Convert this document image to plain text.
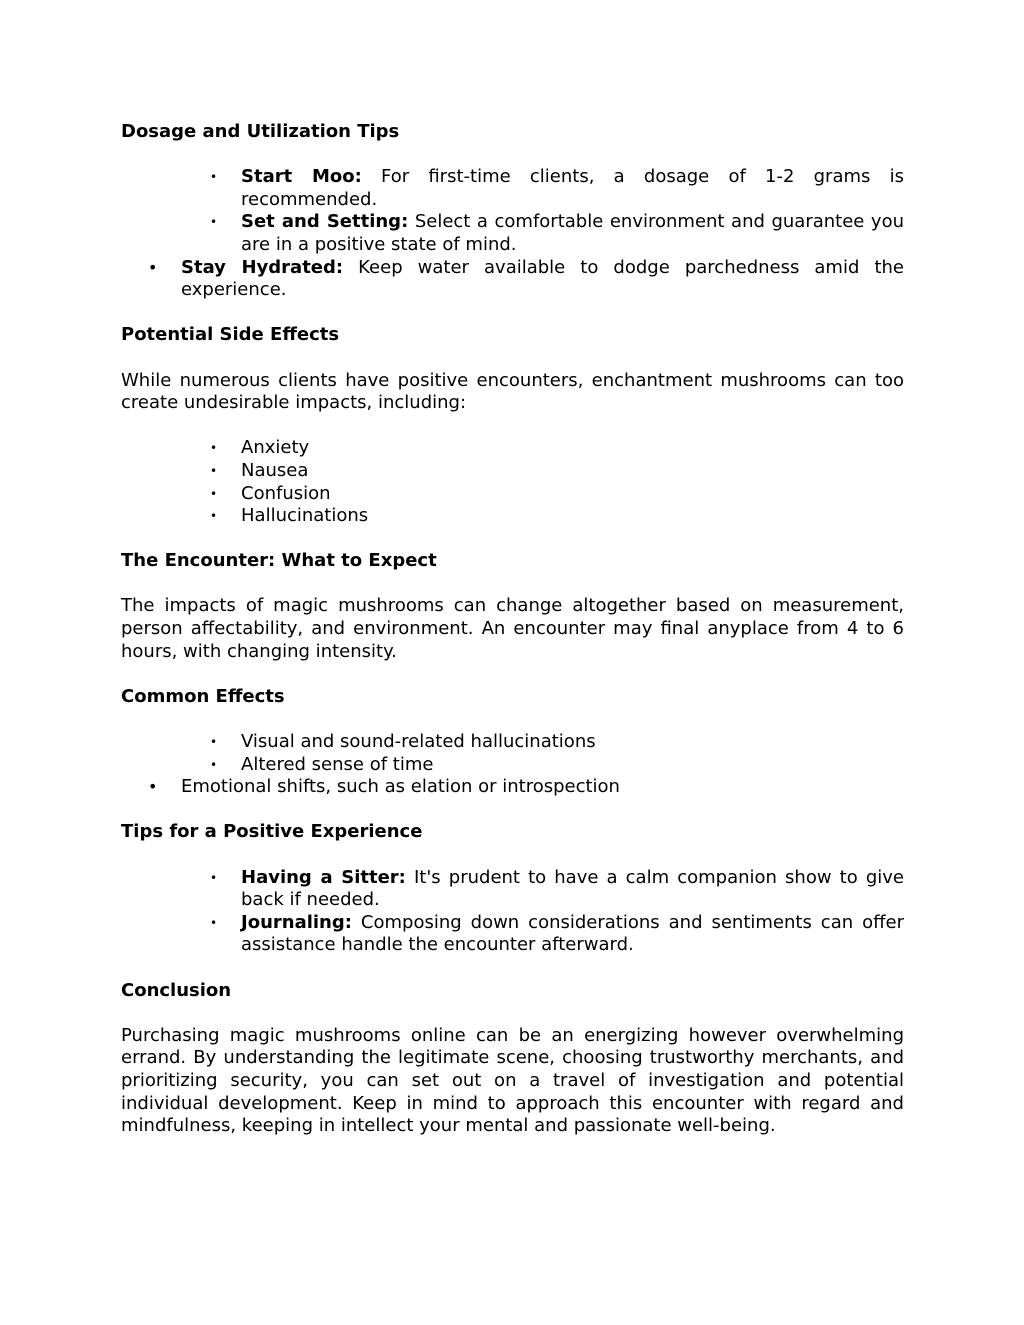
Dosage and Utilization Tips
• Start Moo: For first-time clients, a dosage of 1-2 grams is recommended.
• Set and Setting: Select a comfortable environment and guarantee you are in a positive state of mind.
• Stay Hydrated: Keep water available to dodge parchedness amid the experience.
Potential Side Effects

While numerous clients have positive encounters, enchantment mushrooms can too create undesirable impacts, including:

• Anxiety
• Nausea
• Confusion
• Hallucinations
The Encounter: What to Expect

The impacts of magic mushrooms can change altogether based on measurement, person affectability, and environment. An encounter may final anyplace from 4 to 6 hours, with changing intensity.

Common Effects
• Visual and sound-related hallucinations
• Altered sense of time
• Emotional shifts, such as elation or introspection
Tips for a Positive Experience
• Having a Sitter: It's prudent to have a calm companion show to give back if needed.
• Journaling: Composing down considerations and sentiments can offer assistance handle the encounter afterward.
Conclusion

Purchasing magic mushrooms online can be an energizing however overwhelming errand. By understanding the legitimate scene, choosing trustworthy merchants, and prioritizing security, you can set out on a travel of investigation and potential individual development. Keep in mind to approach this encounter with regard and mindfulness, keeping in intellect your mental and passionate well-being.
